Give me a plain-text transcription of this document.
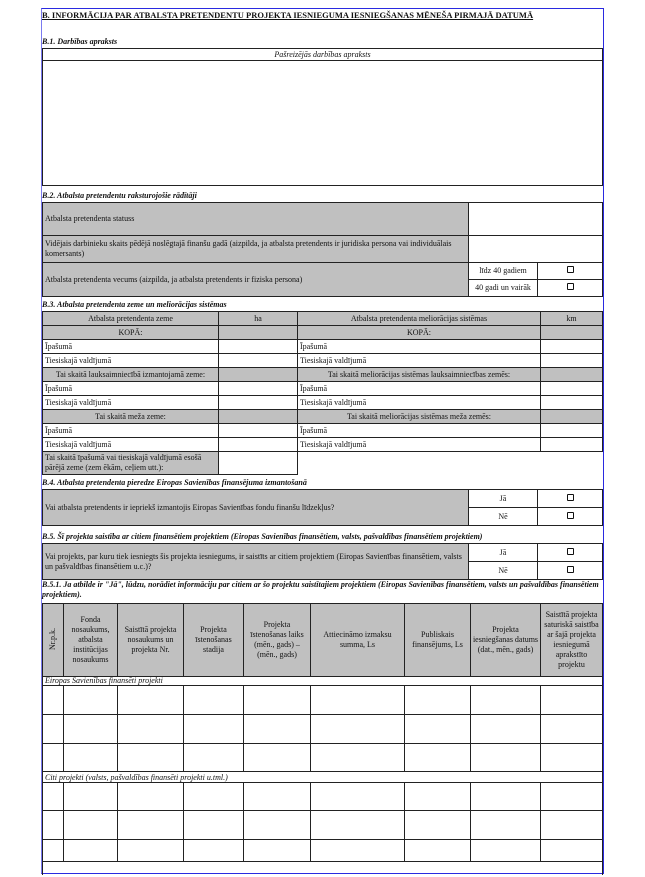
B. INFORMĀCIJA PAR ATBALSTA PRETENDENTU PROJEKTA IESNIEGUMA IESNIEGŠANAS MĒNEŠA PIRMAJĀ DATUMĀ
B.1. Darbības apraksts
Pašreizējās darbības apraksts

B.2. Atbalsta pretendentu raksturojošie rādītāji
Atbalsta pretendenta statuss		
Vidējais darbinieku skaits pēdējā noslēgtajā finanšu gadā (aizpilda, ja atbalsta pretendents ir juridiska persona vai individuālais komersants)		
Atbalsta pretendenta vecums (aizpilda, ja atbalsta pretendents ir fiziska persona)	līdz 40 gadiem	
	40 gadi un vairāk	
B.3. Atbalsta pretendenta zeme un meliorācijas sistēmas
Atbalsta pretendenta zeme	ha	Atbalsta pretendenta meliorācijas sistēmas	km
KOPĀ:		KOPĀ:	
Īpašumā		Īpašumā	
Tiesiskajā valdījumā		Tiesiskajā valdījumā	
Tai skaitā lauksaimniecībā izmantojamā zeme:		Tai skaitā meliorācijas sistēmas lauksaimniecības zemēs:	
Īpašumā		Īpašumā	
Tiesiskajā valdījumā		Tiesiskajā valdījumā	
Tai skaitā meža zeme:		Tai skaitā meliorācijas sistēmas meža zemēs:	
Īpašumā		Īpašumā	
Tiesiskajā valdījumā		Tiesiskajā valdījumā	
Tai skaitā īpašumā vai tiesiskajā valdījumā esošā pārējā zeme (zem ēkām, ceļiem utt.):			
B.4. Atbalsta pretendenta pieredze Eiropas Savienības finansējuma izmantošanā
Vai atbalsta pretendents ir iepriekš izmantojis Eiropas Savienības fondu finanšu līdzekļus?	Jā	
	Nē	
B.5. Šī projekta saistība ar citiem finansētiem projektiem (Eiropas Savienības finansētiem, valsts, pašvaldības finansētiem projektiem)
Vai projekts, par kuru tiek iesniegts šis projekta iesniegums, ir saistīts ar citiem projektiem (Eiropas Savienības finansētiem, valsts un pašvaldības finansētiem u.c.)?	Jā	
	Nē	
B.5.1. Ja atbilde ir "Jā", lūdzu, norādiet informāciju par citiem ar šo projektu saistītajiem projektiem (Eiropas Savienības finansētiem, valsts un pašvaldības finansētiem projektiem).
Nr.p.k.	Fonda nosaukums, atbalsta institūcijas nosaukums	Saistītā projekta nosaukums un projekta Nr.	Projekta īstenošanas stadija	Projekta īstenošanas laiks (mēn., gads) – (mēn., gads)	Attiecināmo izmaksu summa, Ls	Publiskais finansējums, Ls	Projekta iesniegšanas datums (dat., mēn., gads)	Saistītā projekta saturiskā saistība ar šajā projekta iesniegumā aprakstīto projektu
Eiropas Savienības finansēti projekti								

Citi projekti (valsts, pašvaldības finansēti projekti u.tml.)								
